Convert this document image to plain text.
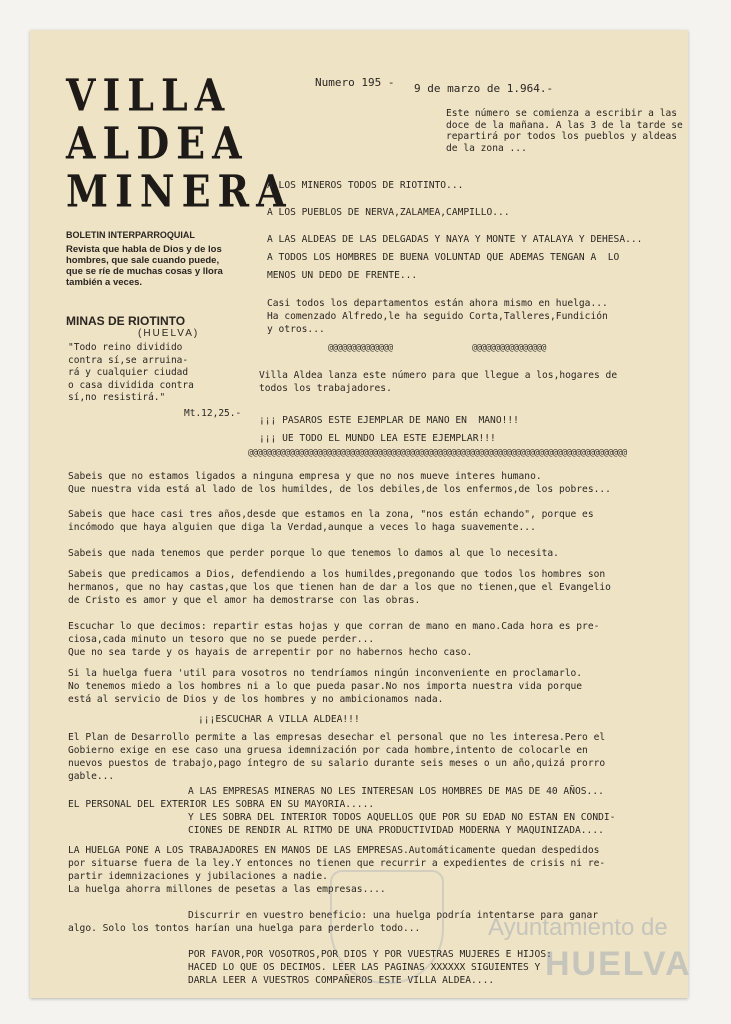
VILLA
ALDEA
MINERA
BOLETIN INTERPARROQUIAL
Revista que habla de Dios y de los hombres, que sale cuando puede, que se ríe de muchas cosas y llora también a veces.
MINAS DE RIOTINTO
(HUELVA)
"Todo reino dividido
contra sí,se arruina-
rá y cualquier ciudad
o casa dividida contra
sí,no resistirá."
Mt.12,25.-
Numero 195 - 9 de marzo de 1.964.-
Este número se comienza a escribir a las doce de la mañana. A las 3 de la tarde se repartirá por todos los pueblos y aldeas de la zona ...
A LOS MINEROS TODOS DE RIOTINTO...
A LOS PUEBLOS DE NERVA,ZALAMEA,CAMPILLO...
A LAS ALDEAS DE LAS DELGADAS Y NAYA Y MONTE Y ATALAYA Y DEHESA...
A TODOS LOS HOMBRES DE BUENA VOLUNTAD QUE ADEMAS TENGAN A  LO
MENOS UN DEDO DE FRENTE...
Casi todos los departamentos están ahora mismo en huelga...
Ha comenzado Alfredo,le ha seguido Corta,Talleres,Fundición
y otros...
@@@@@@@@@@@@@@	@@@@@@@@@@@@@@@@
Villa Aldea lanza este número para que llegue a los,hogares de
todos los trabajadores.
¡¡¡ PASAROS ESTE EJEMPLAR DE MANO EN  MANO!!!
¡¡¡ UE TODO EL MUNDO LEA ESTE EJEMPLAR!!!
@@@@@@@@@@@@@@@@@@@@@@@@@@@@@@@@@@@@@@@@@@@@@@@@@@@@@@@@@@@@@@@@@@@@@@@@@@@@@@@@@@
Sabeis que no estamos ligados a ninguna empresa y que no nos mueve interes humano.
Que nuestra vida está al lado de los humildes, de los debiles,de los enfermos,de los pobres...
Sabeis que hace casi tres años,desde que estamos en la zona, "nos están echando", porque es
incómodo que haya alguien que diga la Verdad,aunque a veces lo haga suavemente...
Sabeis que nada tenemos que perder porque lo que tenemos lo damos al que lo necesita.
Sabeis que predicamos a Dios, defendiendo a los humildes,pregonando que todos los hombres son
hermanos, que no hay castas,que los que tienen han de dar a los que no tienen,que el Evangelio
de Cristo es amor y que el amor ha demostrarse con las obras.
Escuchar lo que decimos: repartir estas hojas y que corran de mano en mano.Cada hora es pre-
ciosa,cada minuto un tesoro que no se puede perder...
Que no sea tarde y os hayais de arrepentir por no habernos hecho caso.
Si la huelga fuera 'util para vosotros no tendríamos ningún inconveniente en proclamarlo.
No tenemos miedo a los hombres ni a lo que pueda pasar.No nos importa nuestra vida porque
está al servicio de Dios y de los hombres y no ambicionamos nada.
¡¡¡ESCUCHAR A VILLA ALDEA!!!
El Plan de Desarrollo permite a las empresas desechar el personal que no les interesa.Pero el
Gobierno exige en ese caso una gruesa idemnización por cada hombre,intento de colocarle en
nuevos puestos de trabajo,pago íntegro de su salario durante seis meses o un año,quizá prorro
gable...
A LAS EMPRESAS MINERAS NO LES INTERESAN LOS HOMBRES DE MAS DE 40 AÑOS...
EL PERSONAL DEL EXTERIOR LES SOBRA EN SU MAYORIA.....
Y LES SOBRA DEL INTERIOR TODOS AQUELLOS QUE POR SU EDAD NO ESTAN EN CONDI-
CIONES DE RENDIR AL RITMO DE UNA PRODUCTIVIDAD MODERNA Y MAQUINIZADA....
LA HUELGA PONE A LOS TRABAJADORES EN MANOS DE LAS EMPRESAS.Automáticamente quedan despedidos
por situarse fuera de la ley.Y entonces no tienen que recurrir a expedientes de crisis ni re-
partir idemnizaciones y jubilaciones a nadie.
La huelga ahorra millones de pesetas a las empresas....
Discurrir en vuestro beneficio: una huelga podría intentarse para ganar
algo. Solo los tontos harían una huelga para perderlo todo...
POR FAVOR,POR VOSOTROS,POR DIOS Y POR VUESTRAS MUJERES E HIJOS:
HACED LO QUE OS DECIMOS. LEER LAS PAGINAS XXXXXX SIGUIENTES Y
DARLA LEER A VUESTROS COMPAÑEROS ESTE VILLA ALDEA....
Ayuntamiento de
HUELVA
